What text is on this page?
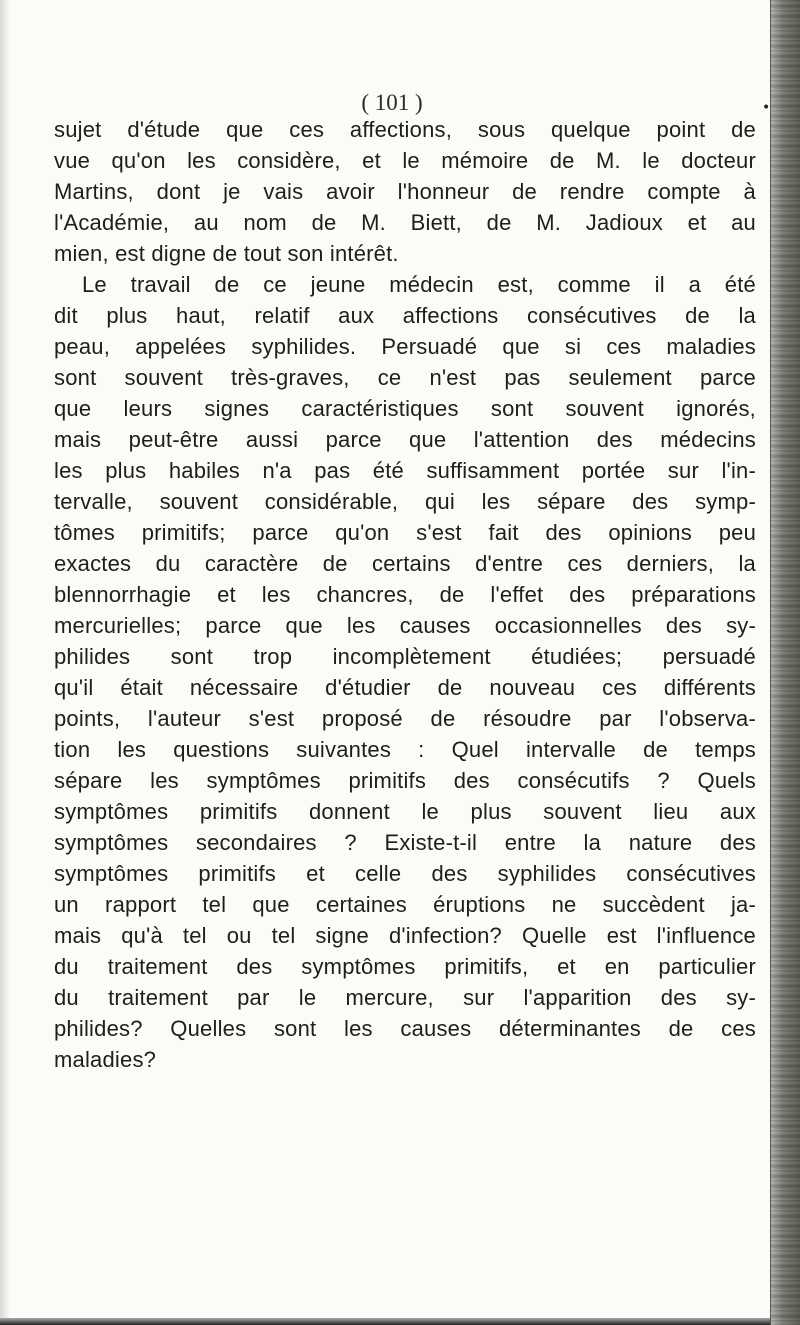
( 101 )	•
sujet d'étude que ces affections, sous quelque point de
vue qu'on les considère, et le mémoire de M. le docteur
Martins, dont je vais avoir l'honneur de rendre compte à
l'Académie, au nom de M. Biett, de M. Jadioux et au
mien, est digne de tout son intérêt.
Le travail de ce jeune médecin est, comme il a été
dit plus haut, relatif aux affections consécutives de la
peau, appelées syphilides. Persuadé que si ces maladies
sont souvent très-graves, ce n'est pas seulement parce
que leurs signes caractéristiques sont souvent ignorés,
mais peut-être aussi parce que l'attention des médecins
les plus habiles n'a pas été suffisamment portée sur l'in-
tervalle, souvent considérable, qui les sépare des symp-
tômes primitifs; parce qu'on s'est fait des opinions peu
exactes du caractère de certains d'entre ces derniers, la
blennorrhagie et les chancres, de l'effet des préparations
mercurielles; parce que les causes occasionnelles des sy-
philides sont trop incomplètement étudiées; persuadé
qu'il était nécessaire d'étudier de nouveau ces différents
points, l'auteur s'est proposé de résoudre par l'observa-
tion les questions suivantes : Quel intervalle de temps
sépare les symptômes primitifs des consécutifs ? Quels
symptômes primitifs donnent le plus souvent lieu aux
symptômes secondaires ? Existe-t-il entre la nature des
symptômes primitifs et celle des syphilides consécutives
un rapport tel que certaines éruptions ne succèdent ja-
mais qu'à tel ou tel signe d'infection? Quelle est l'influence
du traitement des symptômes primitifs, et en particulier
du traitement par le mercure, sur l'apparition des sy-
philides? Quelles sont les causes déterminantes de ces
maladies?
